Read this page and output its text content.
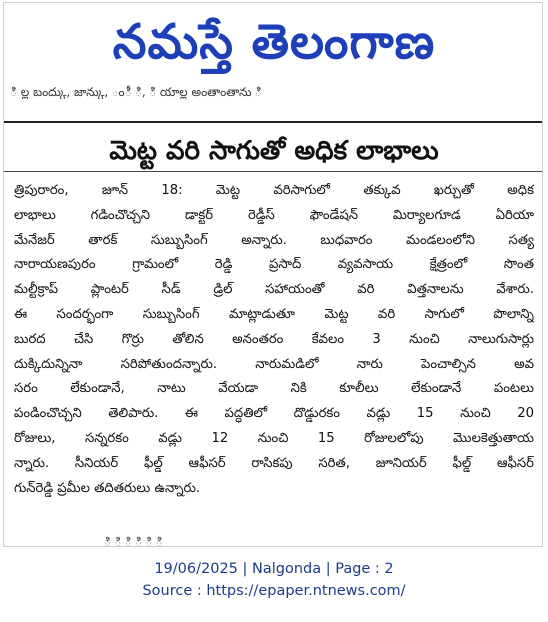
నమస్తే తెలంగాణ
ి ల్ల బంద్కు, జాన్కు, ంీ ి, ి యాల్ల అంతాంతాను ి
మెట్ట వరి సాగుతో అధిక లాభాలు
త్రిపురారం, జూన్ 18: మెట్ట వరిసాగులో తక్కువ ఖర్చుతో అధిక
లాభాలు గడించొచ్చని డాక్టర్ రెడ్డీస్ ఫౌండేషన్ మిర్యాలగూడ ఏరియా
మేనేజర్ తారక్ సుబ్బుసింగ్ అన్నారు. బుధవారం మండలంలోని సత్య
నారాయణపురం గ్రామంలో రెడ్డి ప్రసాద్ వ్యవసాయ క్షేత్రంలో సొంత
మల్టీక్రాప్ ప్లాంటర్ సీడ్ డ్రిల్ సహాయంతో వరి విత్తనాలను వేశారు.
ఈ సందర్భంగా సుబ్బుసింగ్ మాట్లాడుతూ మెట్ట వరి సాగులో పొలాన్ని
బురద చేసి గొర్రు తోలిన అనంతరం కేవలం 3 నుంచి నాలుగుసార్లు
దుక్కిదున్నినా సరిపోతుందన్నారు. నారుమడిలో నారు పెంచాల్సిన అవ
సరం లేకుండానే, నాటు వేయడా నికి కూలీలు లేకుండానే పంటలు
పండించొచ్చని తెలిపారు. ఈ పద్ధతిలో దొడ్డురకం వడ్లు 15 నుంచి 20
రోజులు, సన్నరకం వడ్లు 12 నుంచి 15 రోజులలోపు మొలకెత్తుతాయ
న్నారు. సీనియర్ ఫీల్డ్ ఆఫీసర్ రాసికపు సరిత, జూనియర్ ఫీల్డ్ ఆఫీసర్
గున్‌రెడ్డి ప్రమీల తదితరులు ఉన్నారు.
ి ి ి ి ి ి
19/06/2025 | Nalgonda | Page : 2
Source : https://epaper.ntnews.com/
